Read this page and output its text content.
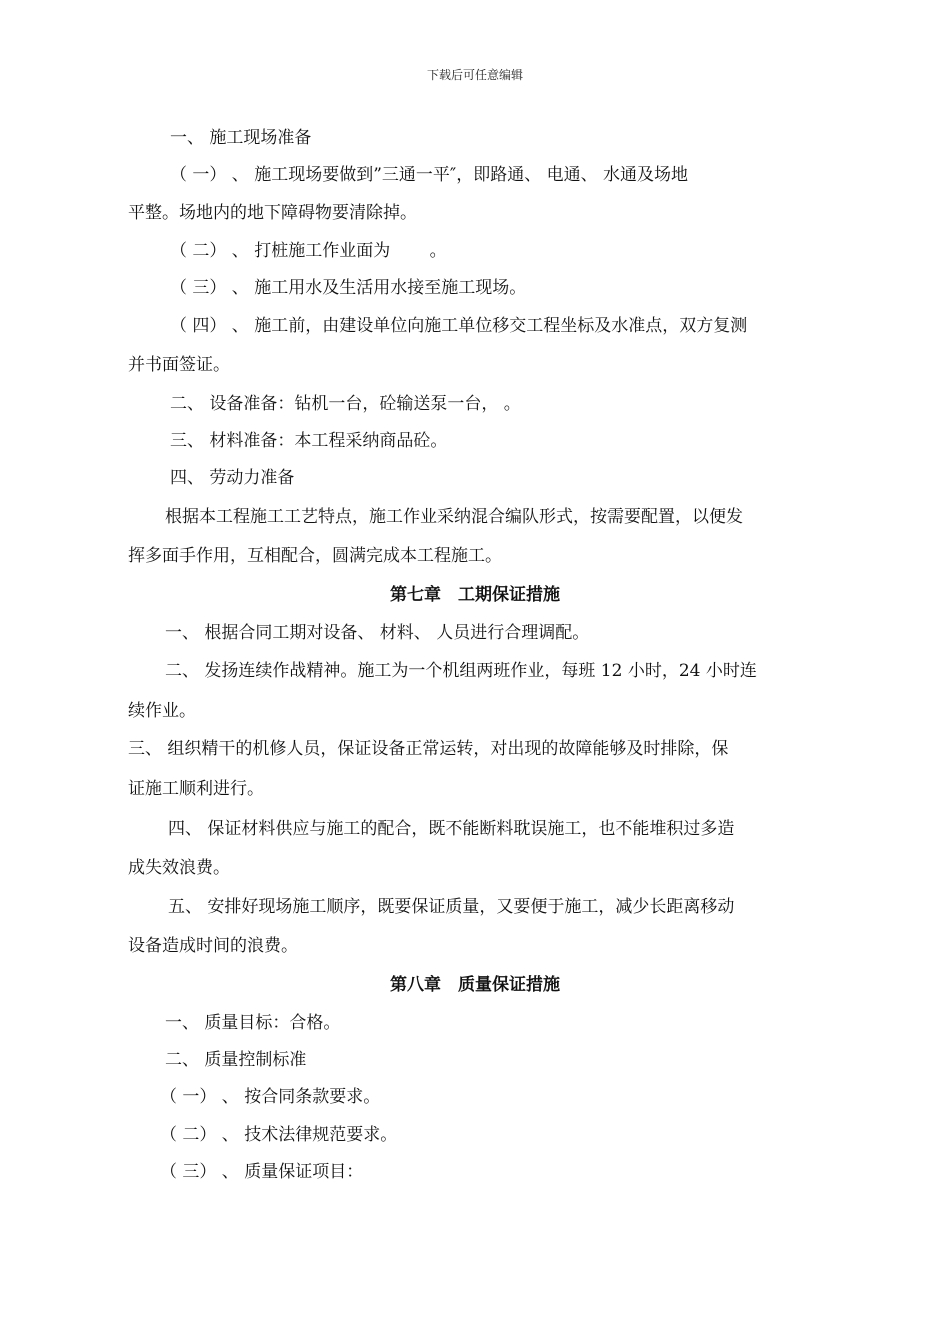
下载后可任意编辑
一、 施工现场准备
（ 一） 、 施工现场要做到”三通一平″，即路通、 电通、 水通及场地
平整。场地内的地下障碍物要清除掉。
（ 二） 、 打桩施工作业面为 　　。
（ 三） 、 施工用水及生活用水接至施工现场。
（ 四） 、 施工前，由建设单位向施工单位移交工程坐标及水准点，双方复测
并书面签证。
二、 设备准备：钻机一台，砼输送泵一台， 。
三、 材料准备：本工程采纳商品砼。
四、 劳动力准备
根据本工程施工工艺特点，施工作业采纳混合编队形式，按需要配置，以便发
挥多面手作用，互相配合，圆满完成本工程施工。
第七章　工期保证措施
一、 根据合同工期对设备、 材料、 人员进行合理调配。
二、 发扬连续作战精神。施工为一个机组两班作业，每班 12 小时，24 小时连
续作业。
三、 组织精干的机修人员，保证设备正常运转，对出现的故障能够及时排除，保
证施工顺利进行。
四、 保证材料供应与施工的配合，既不能断料耽误施工，也不能堆积过多造
成失效浪费。
五、 安排好现场施工顺序，既要保证质量，又要便于施工，减少长距离移动
设备造成时间的浪费。
第八章　质量保证措施
一、 质量目标：合格。
二、 质量控制标准
（ 一） 、 按合同条款要求。
（ 二） 、 技术法律规范要求。
（ 三） 、 质量保证项目：
